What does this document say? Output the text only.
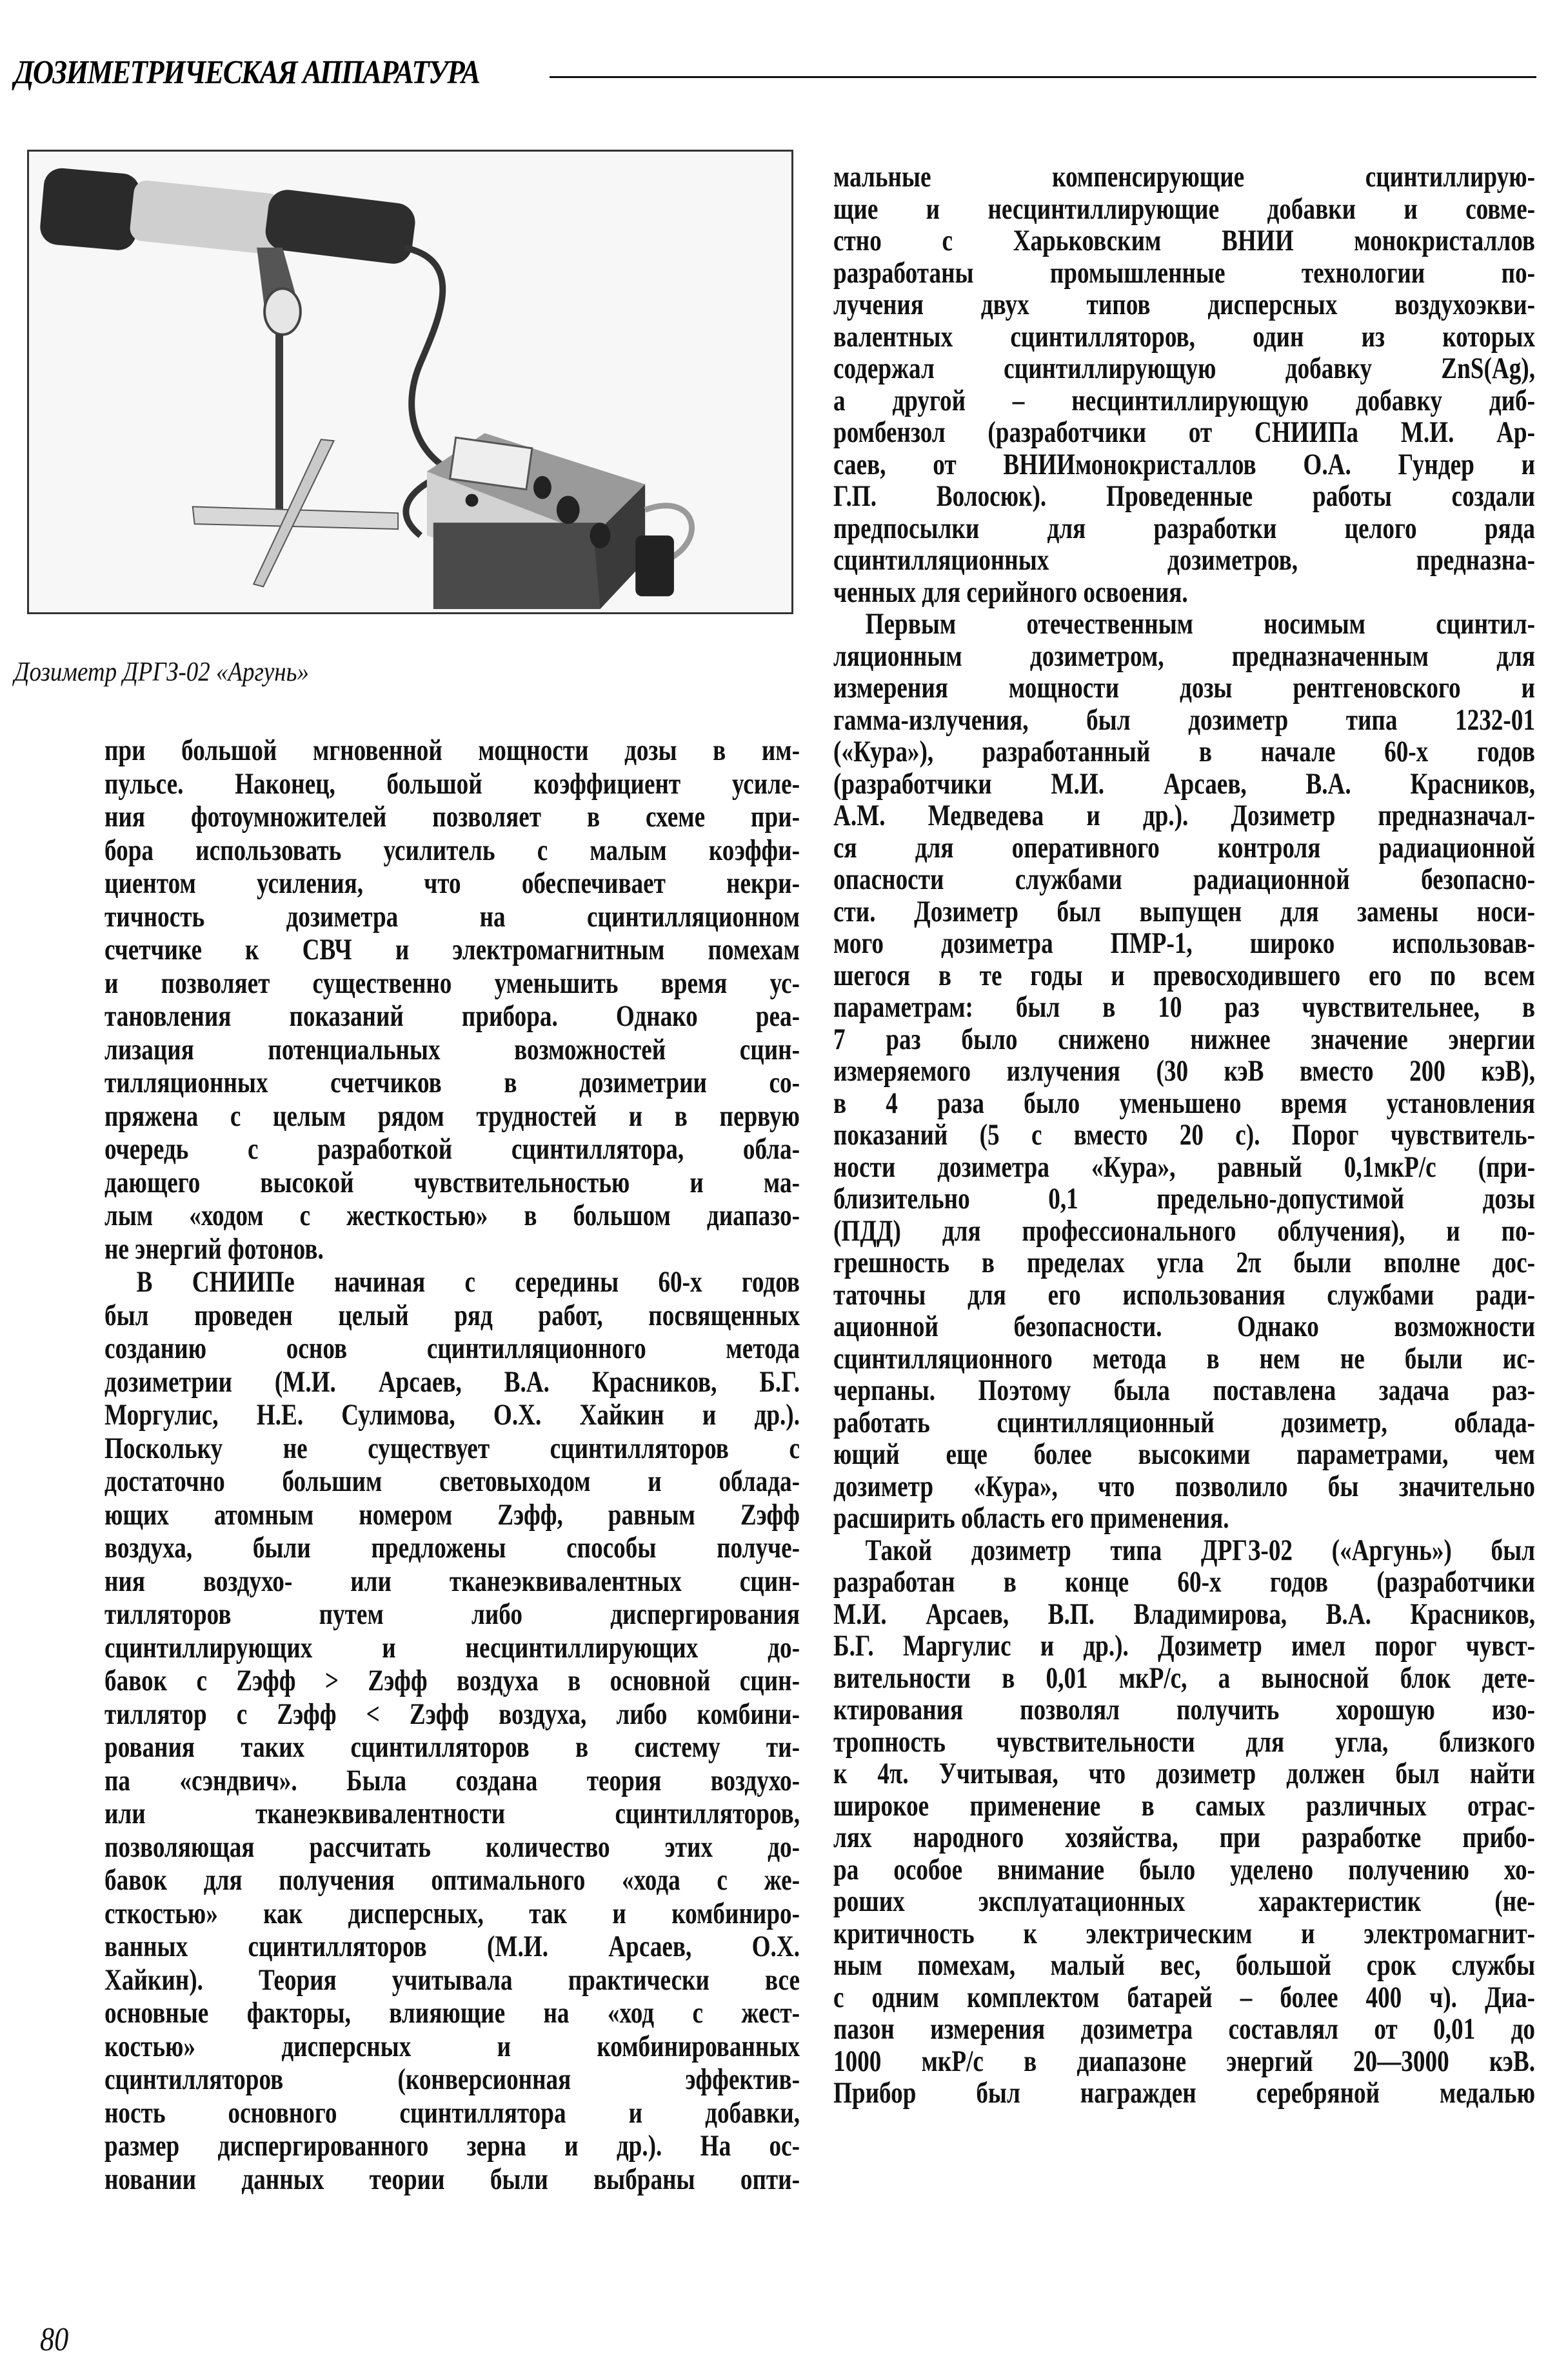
ДОЗИМЕТРИЧЕСКАЯ АППАРАТУРА
Дозиметр ДРГЗ-02 «Аргунь»
при большой мгновенной мощности дозы в им-
пульсе. Наконец, большой коэффициент усиле-
ния фотоумножителей позволяет в схеме при-
бора использовать усилитель с малым коэффи-
циентом усиления, что обеспечивает некри-
тичность дозиметра на сцинтилляционном
счетчике к СВЧ и электромагнитным помехам
и позволяет существенно уменьшить время ус-
тановления показаний прибора. Однако реа-
лизация потенциальных возможностей сцин-
тилляционных счетчиков в дозиметрии со-
пряжена с целым рядом трудностей и в первую
очередь с разработкой сцинтиллятора, обла-
дающего высокой чувствительностью и ма-
лым «ходом с жесткостью» в большом диапазо-
не энергий фотонов.
В СНИИПе начиная с середины 60-х годов
был проведен целый ряд работ, посвященных
созданию основ сцинтилляционного метода
дозиметрии (М.И. Арсаев, В.А. Красников, Б.Г.
Моргулис, Н.Е. Сулимова, О.Х. Хайкин и др.).
Поскольку не существует сцинтилляторов с
достаточно большим световыходом и облада-
ющих атомным номером Zэфф, равным Zэфф
воздуха, были предложены способы получе-
ния воздухо- или тканеэквивалентных сцин-
тилляторов путем либо диспергирования
сцинтиллирующих и несцинтиллирующих до-
бавок с Zэфф > Zэфф воздуха в основной сцин-
тиллятор с Zэфф < Zэфф воздуха, либо комбини-
рования таких сцинтилляторов в систему ти-
па «сэндвич». Была создана теория воздухо-
или тканеэквивалентности сцинтилляторов,
позволяющая рассчитать количество этих до-
бавок для получения оптимального «хода с же-
сткостью» как дисперсных, так и комбиниро-
ванных сцинтилляторов (М.И. Арсаев, О.Х.
Хайкин). Теория учитывала практически все
основные факторы, влияющие на «ход с жест-
костью» дисперсных и комбинированных
сцинтилляторов (конверсионная эффектив-
ность основного сцинтиллятора и добавки,
размер диспергированного зерна и др.). На ос-
новании данных теории были выбраны опти-
мальные компенсирующие сцинтиллирую-
щие и несцинтиллирующие добавки и совме-
стно с Харьковским ВНИИ монокристаллов
разработаны промышленные технологии по-
лучения двух типов дисперсных воздухоэкви-
валентных сцинтилляторов, один из которых
содержал сцинтиллирующую добавку ZnS(Ag),
а другой – несцинтиллирующую добавку диб-
ромбензол (разработчики от СНИИПа М.И. Ар-
саев, от ВНИИмонокристаллов О.А. Гундер и
Г.П. Волосюк). Проведенные работы создали
предпосылки для разработки целого ряда
сцинтилляционных дозиметров, предназна-
ченных для серийного освоения.
Первым отечественным носимым сцинтил-
ляционным дозиметром, предназначенным для
измерения мощности дозы рентгеновского и
гамма-излучения, был дозиметр типа 1232-01
(«Кура»), разработанный в начале 60-х годов
(разработчики М.И. Арсаев, В.А. Красников,
А.М. Медведева и др.). Дозиметр предназначал-
ся для оперативного контроля радиационной
опасности службами радиационной безопасно-
сти. Дозиметр был выпущен для замены носи-
мого дозиметра ПМР-1, широко использовав-
шегося в те годы и превосходившего его по всем
параметрам: был в 10 раз чувствительнее, в
7 раз было снижено нижнее значение энергии
измеряемого излучения (30 кэВ вместо 200 кэВ),
в 4 раза было уменьшено время установления
показаний (5 с вместо 20 с). Порог чувствитель-
ности дозиметра «Кура», равный 0,1мкР/с (при-
близительно 0,1 предельно-допустимой дозы
(ПДД) для профессионального облучения), и по-
грешность в пределах угла 2π были вполне дос-
таточны для его использования службами ради-
ационной безопасности. Однако возможности
сцинтилляционного метода в нем не были ис-
черпаны. Поэтому была поставлена задача раз-
работать сцинтилляционный дозиметр, облада-
ющий еще более высокими параметрами, чем
дозиметр «Кура», что позволило бы значительно
расширить область его применения.
Такой дозиметр типа ДРГЗ-02 («Аргунь») был
разработан в конце 60-х годов (разработчики
М.И. Арсаев, В.П. Владимирова, В.А. Красников,
Б.Г. Маргулис и др.). Дозиметр имел порог чувст-
вительности в 0,01 мкР/с, а выносной блок дете-
ктирования позволял получить хорошую изо-
тропность чувствительности для угла, близкого
к 4π. Учитывая, что дозиметр должен был найти
широкое применение в самых различных отрас-
лях народного хозяйства, при разработке прибо-
ра особое внимание было уделено получению хо-
роших эксплуатационных характеристик (не-
критичность к электрическим и электромагнит-
ным помехам, малый вес, большой срок службы
с одним комплектом батарей – более 400 ч). Диа-
пазон измерения дозиметра составлял от 0,01 до
1000 мкР/с в диапазоне энергий 20—3000 кэВ.
Прибор был награжден серебряной медалью
80
